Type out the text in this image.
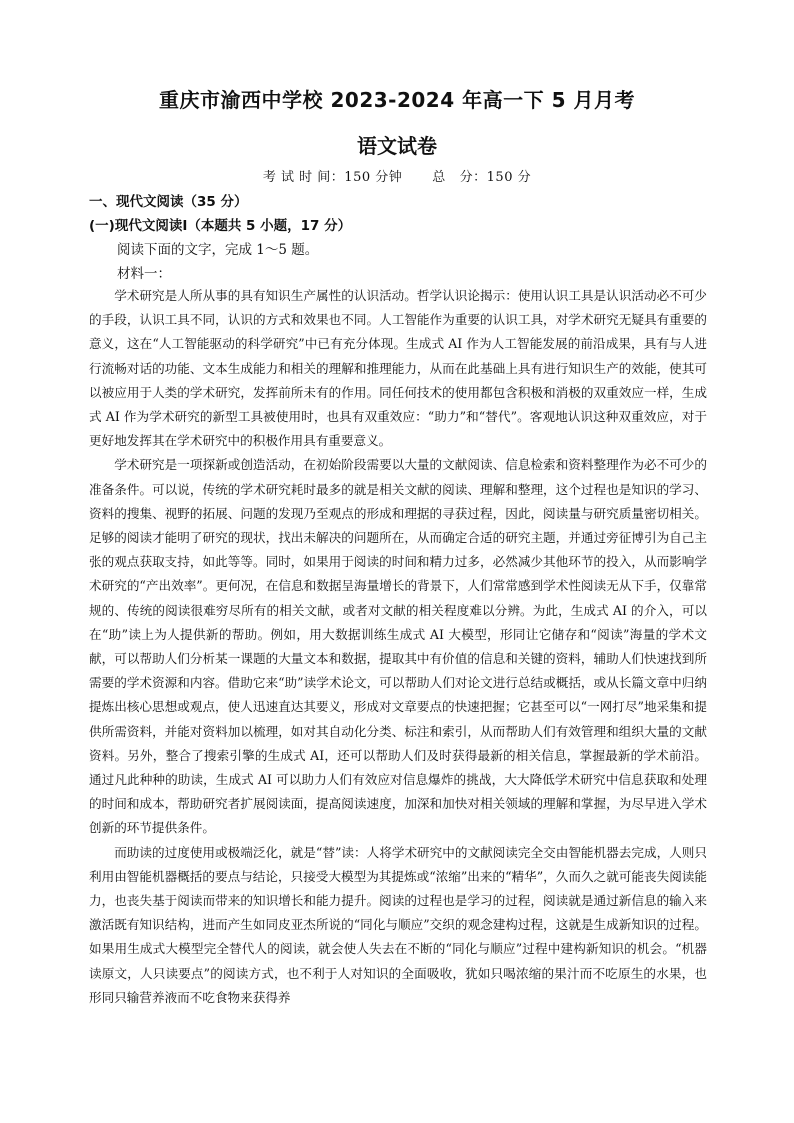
重庆市渝西中学校 2023-2024 年高一下 5 月月考
语文试卷
考 试 时 间：150 分钟 总   分：150 分
一、现代文阅读（35 分）
(一)现代文阅读Ⅰ（本题共 5 小题，17 分）
阅读下面的文字，完成 1～5 题。
材料一：

学术研究是人所从事的具有知识生产属性的认识活动。哲学认识论揭示：使用认识工具是认识活动必不可少的手段，认识工具不同，认识的方式和效果也不同。人工智能作为重要的认识工具，对学术研究无疑具有重要的意义，这在“人工智能驱动的科学研究”中已有充分体现。生成式 AI 作为人工智能发展的前沿成果，具有与人进行流畅对话的功能、文本生成能力和相关的理解和推理能力，从而在此基础上具有进行知识生产的效能，使其可以被应用于人类的学术研究，发挥前所未有的作用。同任何技术的使用都包含积极和消极的双重效应一样，生成式 AI 作为学术研究的新型工具被使用时，也具有双重效应：“助力”和“替代”。客观地认识这种双重效应，对于更好地发挥其在学术研究中的积极作用具有重要意义。

学术研究是一项探新或创造活动，在初始阶段需要以大量的文献阅读、信息检索和资料整理作为必不可少的准备条件。可以说，传统的学术研究耗时最多的就是相关文献的阅读、理解和整理，这个过程也是知识的学习、资料的搜集、视野的拓展、问题的发现乃至观点的形成和理据的寻获过程，因此，阅读量与研究质量密切相关。足够的阅读才能明了研究的现状，找出未解决的问题所在，从而确定合适的研究主题，并通过旁征博引为自己主张的观点获取支持，如此等等。同时，如果用于阅读的时间和精力过多，必然减少其他环节的投入，从而影响学术研究的“产出效率”。更何况，在信息和数据呈海量增长的背景下，人们常常感到学术性阅读无从下手，仅靠常规的、传统的阅读很难穷尽所有的相关文献，或者对文献的相关程度难以分辨。为此，生成式 AI 的介入，可以在“助”读上为人提供新的帮助。例如，用大数据训练生成式 AI 大模型，形同让它储存和“阅读”海量的学术文献，可以帮助人们分析某一课题的大量文本和数据，提取其中有价值的信息和关键的资料，辅助人们快速找到所需要的学术资源和内容。借助它来“助”读学术论文，可以帮助人们对论文进行总结或概括，或从长篇文章中归纳提炼出核心思想或观点，使人迅速直达其要义，形成对文章要点的快速把握；它甚至可以“一网打尽”地采集和提供所需资料，并能对资料加以梳理，如对其自动化分类、标注和索引，从而帮助人们有效管理和组织大量的文献资料。另外，整合了搜索引擎的生成式 AI，还可以帮助人们及时获得最新的相关信息，掌握最新的学术前沿。通过凡此种种的助读，生成式 AI 可以助力人们有效应对信息爆炸的挑战，大大降低学术研究中信息获取和处理的时间和成本，帮助研究者扩展阅读面，提高阅读速度，加深和加快对相关领域的理解和掌握，为尽早进入学术创新的环节提供条件。

而助读的过度使用或极端泛化，就是“替”读：人将学术研究中的文献阅读完全交由智能机器去完成，人则只利用由智能机器概括的要点与结论，只接受大模型为其提炼或“浓缩”出来的“精华”，久而久之就可能丧失阅读能力，也丧失基于阅读而带来的知识增长和能力提升。阅读的过程也是学习的过程，阅读就是通过新信息的输入来激活既有知识结构，进而产生如同皮亚杰所说的“同化与顺应”交织的观念建构过程，这就是生成新知识的过程。如果用生成式大模型完全替代人的阅读，就会使人失去在不断的“同化与顺应”过程中建构新知识的机会。“机器读原文，人只读要点”的阅读方式，也不利于人对知识的全面吸收，犹如只喝浓缩的果汁而不吃原生的水果，也形同只输营养液而不吃食物来获得养
